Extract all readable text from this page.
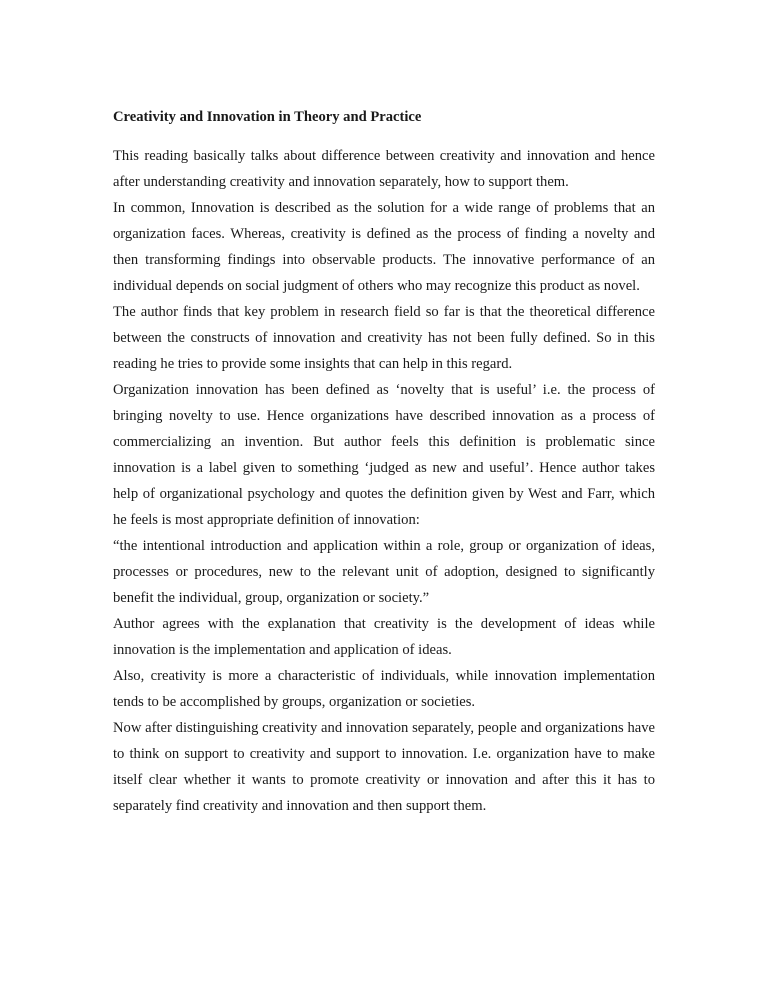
Creativity and Innovation in Theory and Practice

This reading basically talks about difference between creativity and innovation and hence after understanding creativity and innovation separately, how to support them.

In common, Innovation is described as the solution for a wide range of problems that an organization faces. Whereas, creativity is defined as the process of finding a novelty and then transforming findings into observable products. The innovative performance of an individual depends on social judgment of others who may recognize this product as novel.

The author finds that key problem in research field so far is that the theoretical difference between the constructs of innovation and creativity has not been fully defined. So in this reading he tries to provide some insights that can help in this regard.

Organization innovation has been defined as ‘novelty that is useful’ i.e. the process of bringing novelty to use. Hence organizations have described innovation as a process of commercializing an invention. But author feels this definition is problematic since innovation is a label given to something ‘judged as new and useful’. Hence author takes help of organizational psychology and quotes the definition given by West and Farr, which he feels is most appropriate definition of innovation:

“the intentional introduction and application within a role, group or organization of ideas, processes or procedures, new to the relevant unit of adoption, designed to significantly benefit the individual, group, organization or society.”

Author agrees with the explanation that creativity is the development of ideas while innovation is the implementation and application of ideas.

Also, creativity is more a characteristic of individuals, while innovation implementation tends to be accomplished by groups, organization or societies.

Now after distinguishing creativity and innovation separately, people and organizations have to think on support to creativity and support to innovation. I.e. organization have to make itself clear whether it wants to promote creativity or innovation and after this it has to separately find creativity and innovation and then support them.
